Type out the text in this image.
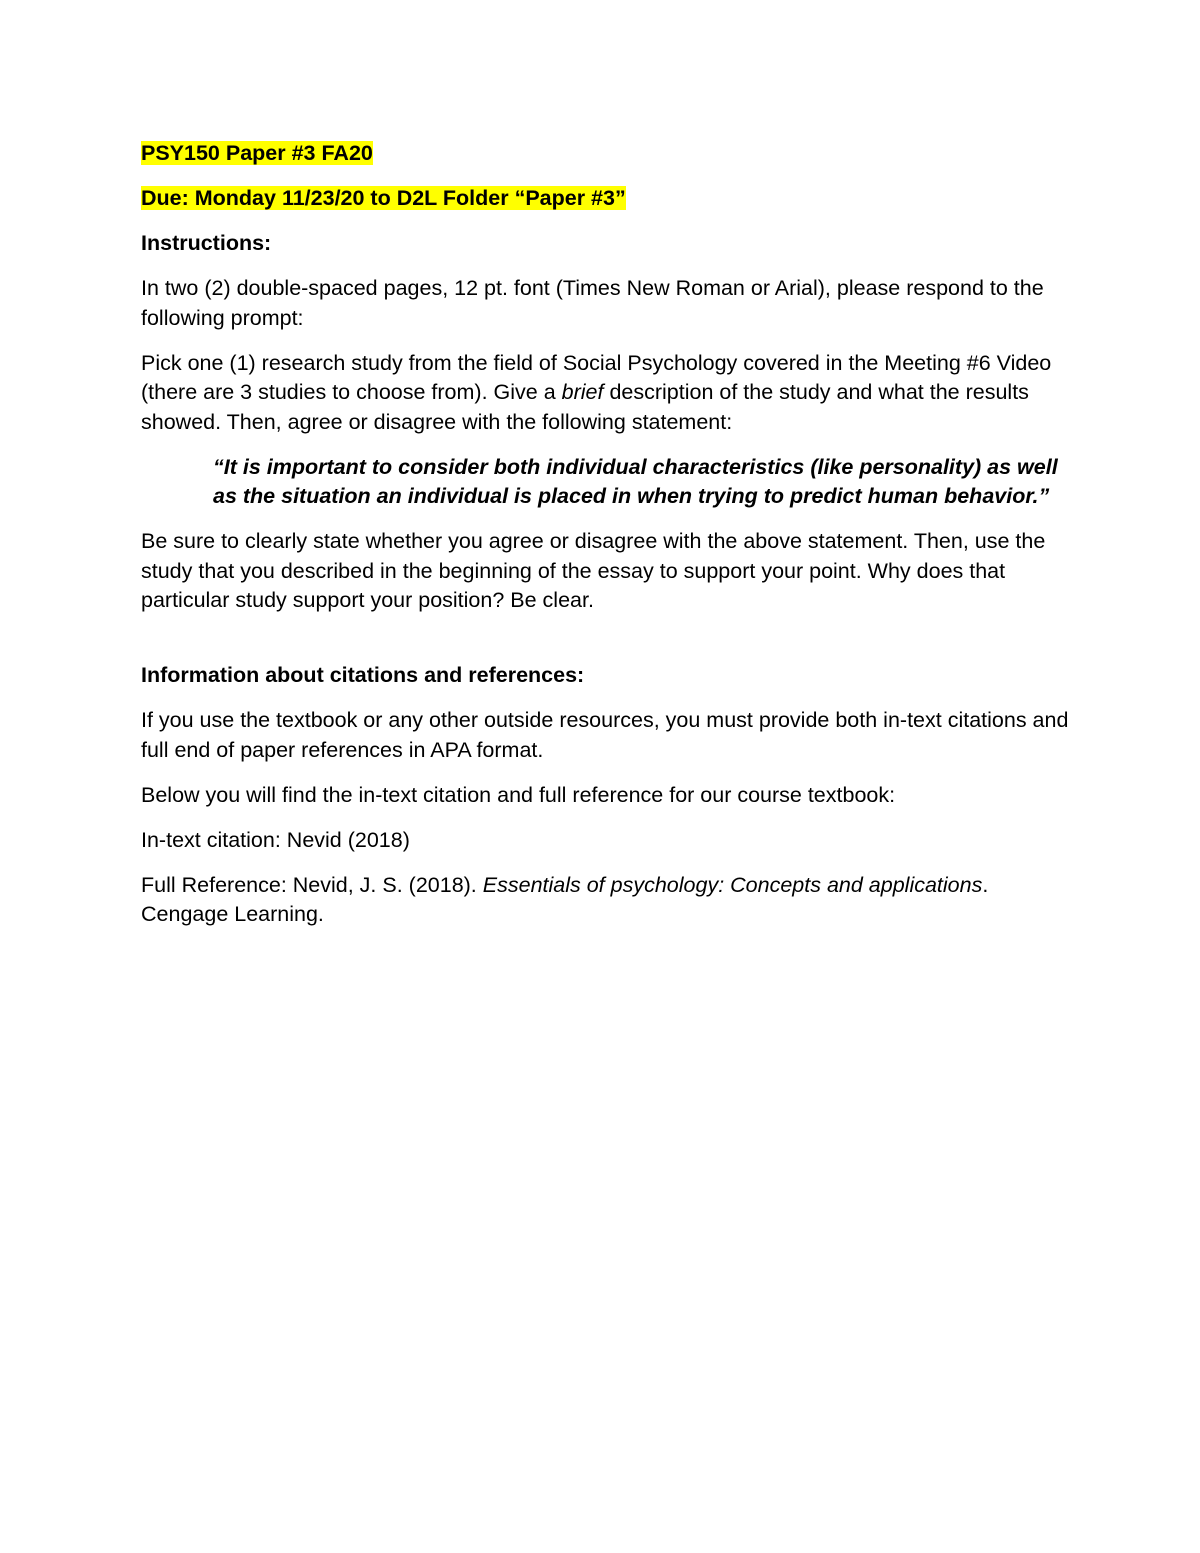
PSY150 Paper #3 FA20

Due: Monday 11/23/20 to D2L Folder “Paper #3”

Instructions:

In two (2) double-spaced pages, 12 pt. font (Times New Roman or Arial), please respond to the following prompt:

Pick one (1) research study from the field of Social Psychology covered in the Meeting #6 Video (there are 3 studies to choose from). Give a brief description of the study and what the results showed. Then, agree or disagree with the following statement:

“It is important to consider both individual characteristics (like personality) as well as the situation an individual is placed in when trying to predict human behavior.”

Be sure to clearly state whether you agree or disagree with the above statement. Then, use the study that you described in the beginning of the essay to support your point. Why does that particular study support your position? Be clear.

Information about citations and references:

If you use the textbook or any other outside resources, you must provide both in-text citations and full end of paper references in APA format.

Below you will find the in-text citation and full reference for our course textbook:

In-text citation: Nevid (2018)

Full Reference: Nevid, J. S. (2018). Essentials of psychology: Concepts and applications. Cengage Learning.
